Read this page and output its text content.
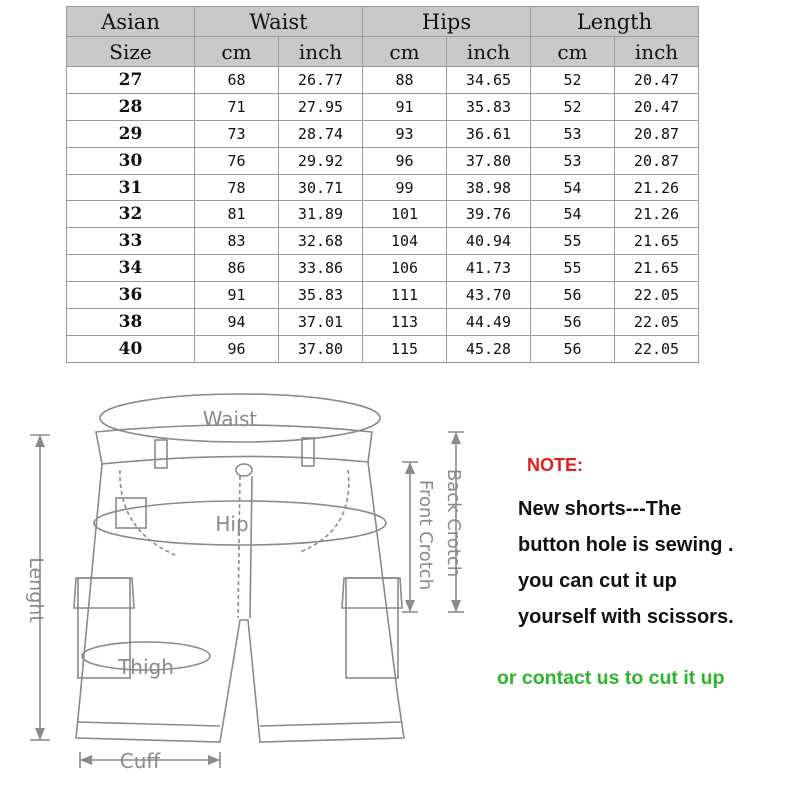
Asian	Waist		Hips		Length	
Size	cm	inch	cm	inch	cm	inch
27	68	26.77	88	34.65	52	20.47
28	71	27.95	91	35.83	52	20.47
29	73	28.74	93	36.61	53	20.87
30	76	29.92	96	37.80	53	20.87
31	78	30.71	99	38.98	54	21.26
32	81	31.89	101	39.76	54	21.26
33	83	32.68	104	40.94	55	21.65
34	86	33.86	106	41.73	55	21.65
36	91	35.83	111	43.70	56	22.05
38	94	37.01	113	44.49	56	22.05
40	96	37.80	115	45.28	56	22.05
Waist
Hip
Thigh
Cuff
Lenght	Front Crotch Back Crotch
NOTE:
New shorts---The
button hole is sewing .
you can cut it up
yourself with scissors.
or contact us to cut it up
